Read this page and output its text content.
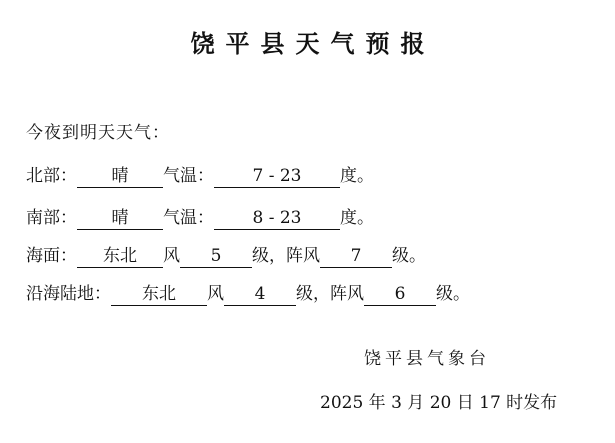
饶平县天气预报
今夜到明天天气：
北部： 晴 气温： 7 - 23 度。
南部： 晴 气温： 8 - 23 度。
海面： 东北 风 5 级，阵风 7 级。
沿海陆地： 东北 风 4 级，阵风 6 级。
饶平县气象台
2025 年 3 月 20 日 17 时发布
